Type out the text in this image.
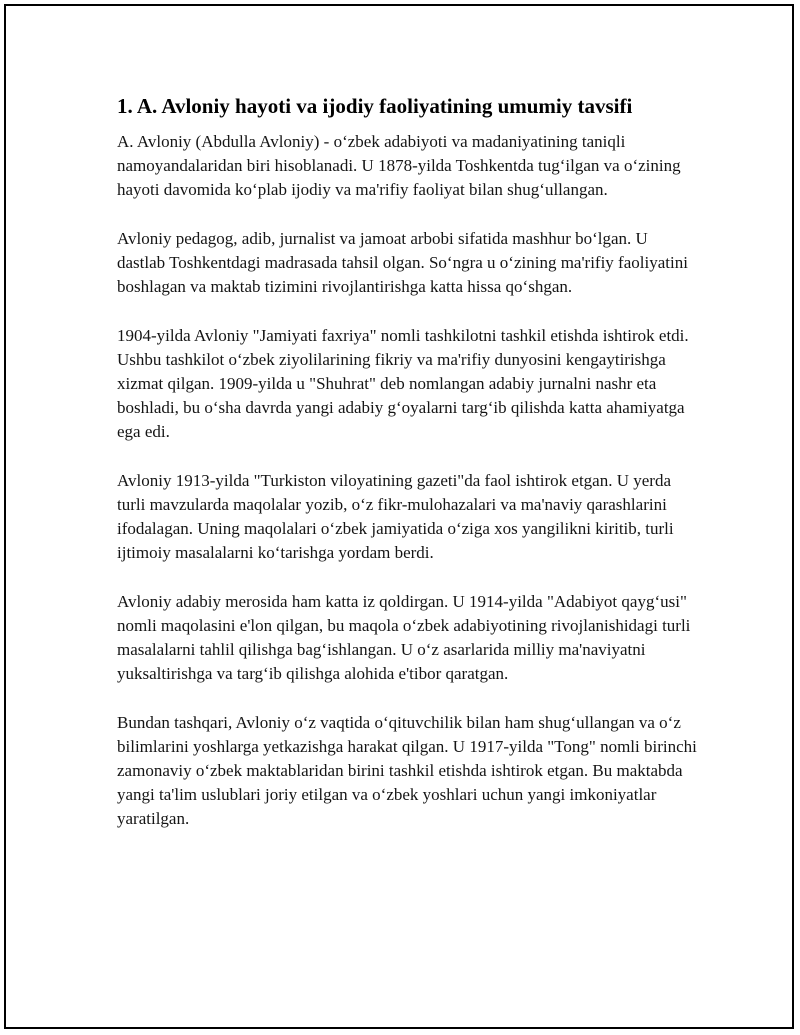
1. A. Avloniy hayoti va ijodiy faoliyatining umumiy tavsifi

A. Avloniy (Abdulla Avloniy) - o‘zbek adabiyoti va madaniyatining taniqli namoyandalaridan biri hisoblanadi. U 1878-yilda Toshkentda tug‘ilgan va o‘zining hayoti davomida ko‘plab ijodiy va ma'rifiy faoliyat bilan shug‘ullangan.

Avloniy pedagog, adib, jurnalist va jamoat arbobi sifatida mashhur bo‘lgan. U dastlab Toshkentdagi madrasada tahsil olgan. So‘ngra u o‘zining ma'rifiy faoliyatini boshlagan va maktab tizimini rivojlantirishga katta hissa qo‘shgan.

1904-yilda Avloniy "Jamiyati faxriya" nomli tashkilotni tashkil etishda ishtirok etdi. Ushbu tashkilot o‘zbek ziyolilarining fikriy va ma'rifiy dunyosini kengaytirishga xizmat qilgan. 1909-yilda u "Shuhrat" deb nomlangan adabiy jurnalni nashr eta boshladi, bu o‘sha davrda yangi adabiy g‘oyalarni targ‘ib qilishda katta ahamiyatga ega edi.

Avloniy 1913-yilda "Turkiston viloyatining gazeti"da faol ishtirok etgan. U yerda turli mavzularda maqolalar yozib, o‘z fikr-mulohazalari va ma'naviy qarashlarini ifodalagan. Uning maqolalari o‘zbek jamiyatida o‘ziga xos yangilikni kiritib, turli ijtimoiy masalalarni ko‘tarishga yordam berdi.

Avloniy adabiy merosida ham katta iz qoldirgan. U 1914-yilda "Adabiyot qayg‘usi" nomli maqolasini e'lon qilgan, bu maqola o‘zbek adabiyotining rivojlanishidagi turli masalalarni tahlil qilishga bag‘ishlangan. U o‘z asarlarida milliy ma'naviyatni yuksaltirishga va targ‘ib qilishga alohida e'tibor qaratgan.

Bundan tashqari, Avloniy o‘z vaqtida o‘qituvchilik bilan ham shug‘ullangan va o‘z bilimlarini yoshlarga yetkazishga harakat qilgan. U 1917-yilda "Tong" nomli birinchi zamonaviy o‘zbek maktablaridan birini tashkil etishda ishtirok etgan. Bu maktabda yangi ta'lim uslublari joriy etilgan va o‘zbek yoshlari uchun yangi imkoniyatlar yaratilgan.
